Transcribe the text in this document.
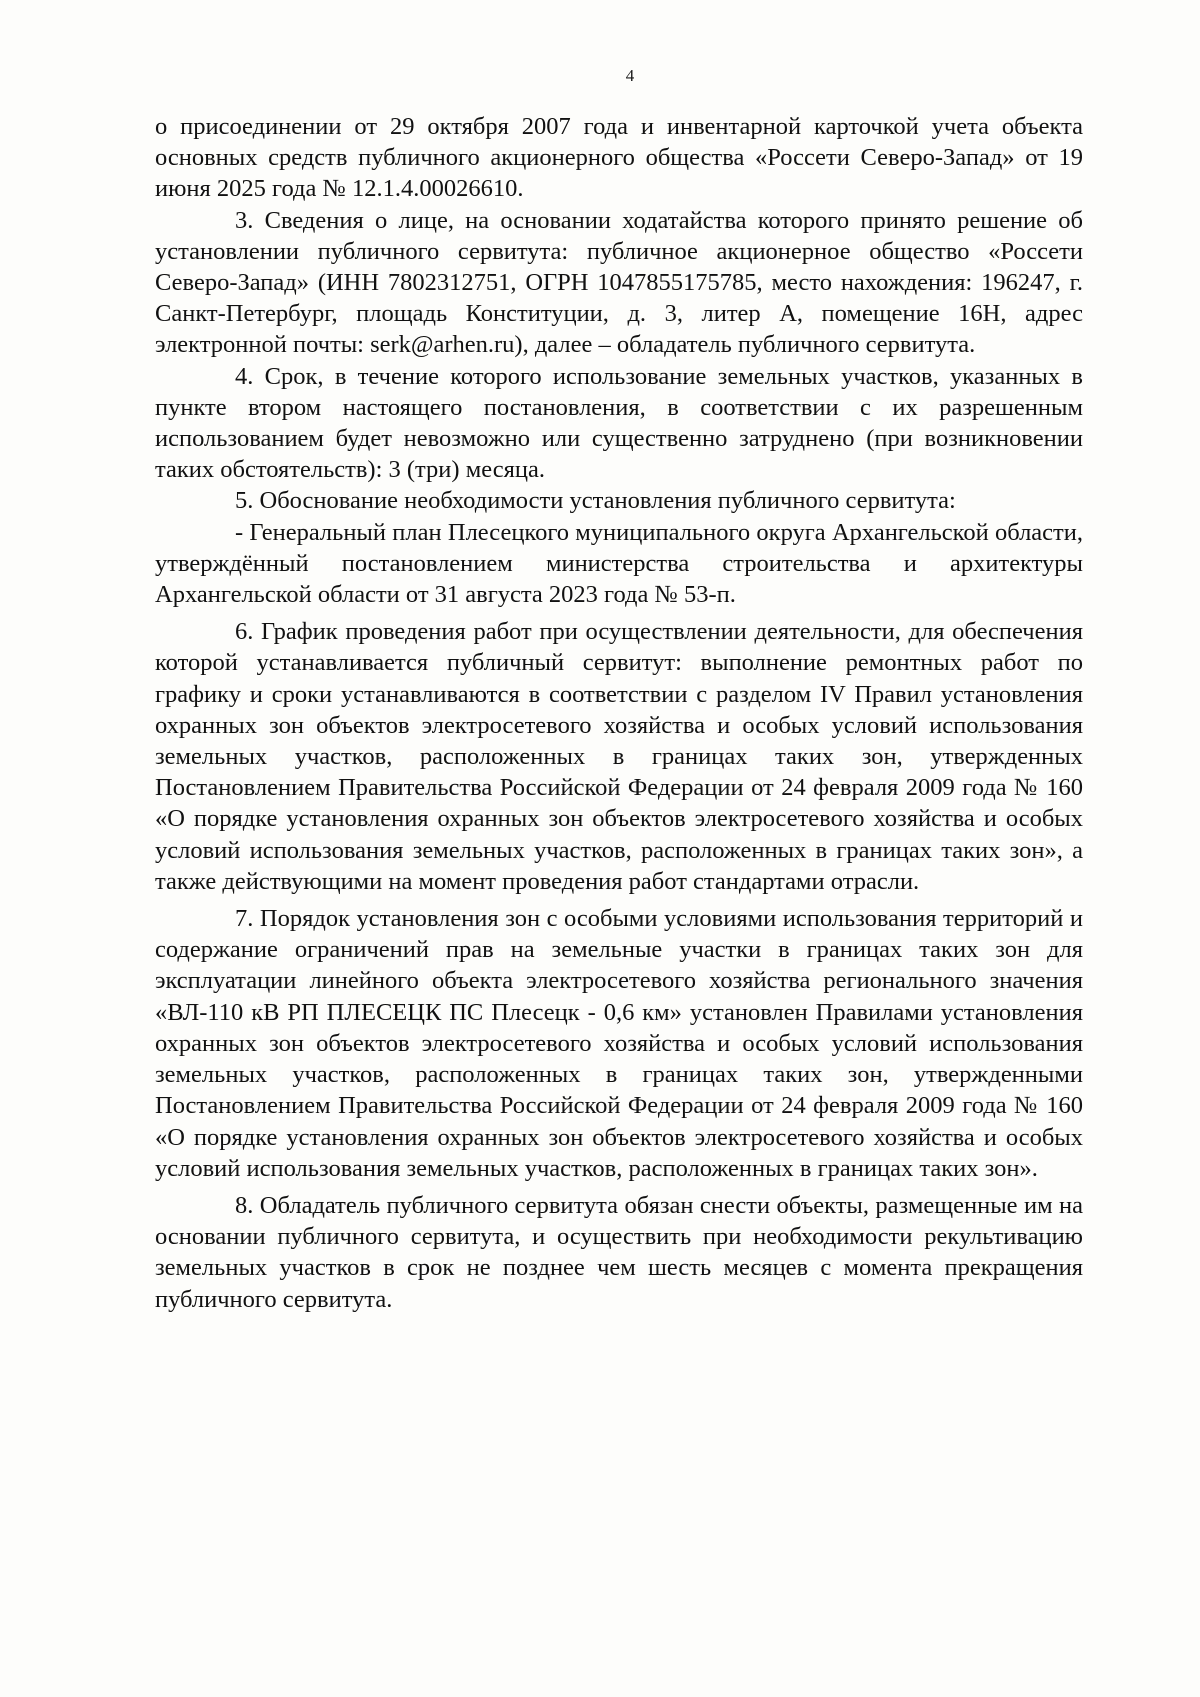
4

о присоединении от 29 октября 2007 года и инвентарной карточкой учета объекта основных средств публичного акционерного общества «Россети Северо-Запад» от 19 июня 2025 года № 12.1.4.00026610.

3. Сведения о лице, на основании ходатайства которого принято решение об установлении публичного сервитута: публичное акционерное общество «Россети Северо-Запад» (ИНН 7802312751, ОГРН 1047855175785, место нахождения: 196247, г. Санкт-Петербург, площадь Конституции, д. 3, литер А, помещение 16Н, адрес электронной почты: serk@arhen.ru), далее – обладатель публичного сервитута.

4. Срок, в течение которого использование земельных участков, указанных в пункте втором настоящего постановления, в соответствии с их разрешенным использованием будет невозможно или существенно затруднено (при возникновении таких обстоятельств): 3 (три) месяца.

5. Обоснование необходимости установления публичного сервитута:

- Генеральный план Плесецкого муниципального округа Архангельской области, утверждённый постановлением министерства строительства и архитектуры Архангельской области от 31 августа 2023 года № 53-п.

6. График проведения работ при осуществлении деятельности, для обеспечения которой устанавливается публичный сервитут: выполнение ремонтных работ по графику и сроки устанавливаются в соответствии с разделом IV Правил установления охранных зон объектов электросетевого хозяйства и особых условий использования земельных участков, расположенных в границах таких зон, утвержденных Постановлением Правительства Российской Федерации от 24 февраля 2009 года № 160 «О порядке установления охранных зон объектов электросетевого хозяйства и особых условий использования земельных участков, расположенных в границах таких зон», а также действующими на момент проведения работ стандартами отрасли.

7. Порядок установления зон с особыми условиями использования территорий и содержание ограничений прав на земельные участки в границах таких зон для эксплуатации линейного объекта электросетевого хозяйства регионального значения «ВЛ-110 кВ РП ПЛЕСЕЦК ПС Плесецк - 0,6 км» установлен Правилами установления охранных зон объектов электросетевого хозяйства и особых условий использования земельных участков, расположенных в границах таких зон, утвержденными Постановлением Правительства Российской Федерации от 24 февраля 2009 года № 160 «О порядке установления охранных зон объектов электросетевого хозяйства и особых условий использования земельных участков, расположенных в границах таких зон».

8. Обладатель публичного сервитута обязан снести объекты, размещенные им на основании публичного сервитута, и осуществить при необходимости рекультивацию земельных участков в срок не позднее чем шесть месяцев с момента прекращения публичного сервитута.
